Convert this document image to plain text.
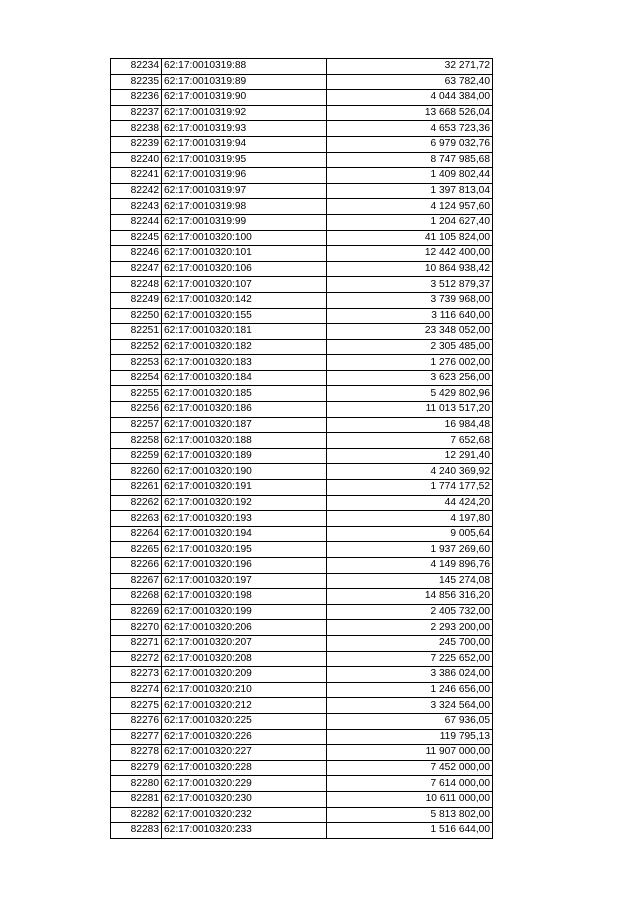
82234	62:17:0010319:88	32 271,72
82235	62:17:0010319:89	63 782,40
82236	62:17:0010319:90	4 044 384,00
82237	62:17:0010319:92	13 668 526,04
82238	62:17:0010319:93	4 653 723,36
82239	62:17:0010319:94	6 979 032,76
82240	62:17:0010319:95	8 747 985,68
82241	62:17:0010319:96	1 409 802,44
82242	62:17:0010319:97	1 397 813,04
82243	62:17:0010319:98	4 124 957,60
82244	62:17:0010319:99	1 204 627,40
82245	62:17:0010320:100	41 105 824,00
82246	62:17:0010320:101	12 442 400,00
82247	62:17:0010320:106	10 864 938,42
82248	62:17:0010320:107	3 512 879,37
82249	62:17:0010320:142	3 739 968,00
82250	62:17:0010320:155	3 116 640,00
82251	62:17:0010320:181	23 348 052,00
82252	62:17:0010320:182	2 305 485,00
82253	62:17:0010320:183	1 276 002,00
82254	62:17:0010320:184	3 623 256,00
82255	62:17:0010320:185	5 429 802,96
82256	62:17:0010320:186	11 013 517,20
82257	62:17:0010320:187	16 984,48
82258	62:17:0010320:188	7 652,68
82259	62:17:0010320:189	12 291,40
82260	62:17:0010320:190	4 240 369,92
82261	62:17:0010320:191	1 774 177,52
82262	62:17:0010320:192	44 424,20
82263	62:17:0010320:193	4 197,80
82264	62:17:0010320:194	9 005,64
82265	62:17:0010320:195	1 937 269,60
82266	62:17:0010320:196	4 149 896,76
82267	62:17:0010320:197	145 274,08
82268	62:17:0010320:198	14 856 316,20
82269	62:17:0010320:199	2 405 732,00
82270	62:17:0010320:206	2 293 200,00
82271	62:17:0010320:207	245 700,00
82272	62:17:0010320:208	7 225 652,00
82273	62:17:0010320:209	3 386 024,00
82274	62:17:0010320:210	1 246 656,00
82275	62:17:0010320:212	3 324 564,00
82276	62:17:0010320:225	67 936,05
82277	62:17:0010320:226	119 795,13
82278	62:17:0010320:227	11 907 000,00
82279	62:17:0010320:228	7 452 000,00
82280	62:17:0010320:229	7 614 000,00
82281	62:17:0010320:230	10 611 000,00
82282	62:17:0010320:232	5 813 802,00
82283	62:17:0010320:233	1 516 644,00
